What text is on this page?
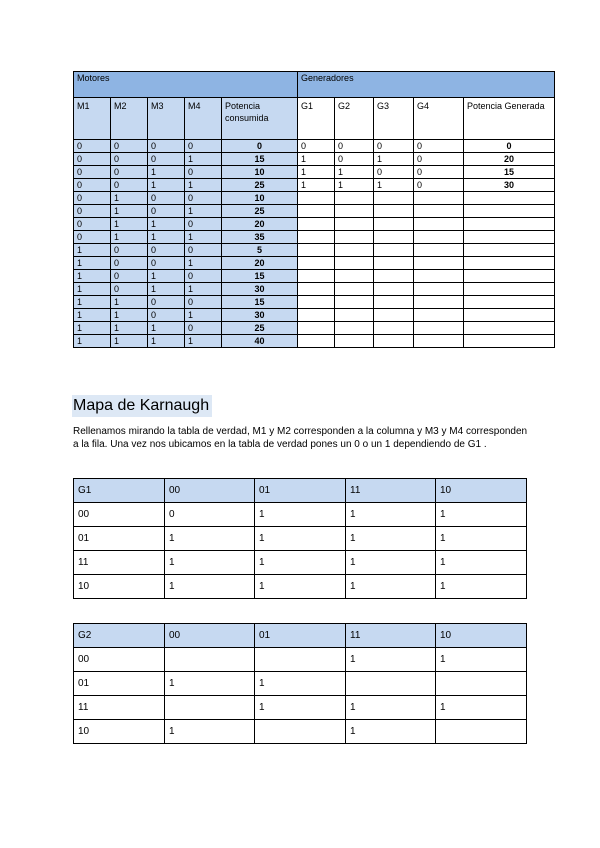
Motores					Generadores				
M1	M2	M3	M4	Potencia consumida	G1	G2	G3	G4	Potencia Generada
0	0	0	0	0	0	0	0	0	0
0	0	0	1	15	1	0	1	0	20
0	0	1	0	10	1	1	0	0	15
0	0	1	1	25	1	1	1	0	30
0	1	0	0	10					
0	1	0	1	25					
0	1	1	0	20					
0	1	1	1	35					
1	0	0	0	5					
1	0	0	1	20					
1	0	1	0	15					
1	0	1	1	30					
1	1	0	0	15					
1	1	0	1	30					
1	1	1	0	25					
1	1	1	1	40					
Mapa de Karnaugh

Rellenamos mirando la tabla de verdad, M1 y M2 corresponden a la columna y M3 y M4 corresponden a la fila. Una vez nos ubicamos en la tabla de verdad pones un 0 o un 1 dependiendo de G1 .

G1	00	01	11	10
00	0	1	1	1
01	1	1	1	1
11	1	1	1	1
10	1	1	1	1
G2	00	01	11	10
00			1	1
01	1	1		
11		1	1	1
10	1		1	
